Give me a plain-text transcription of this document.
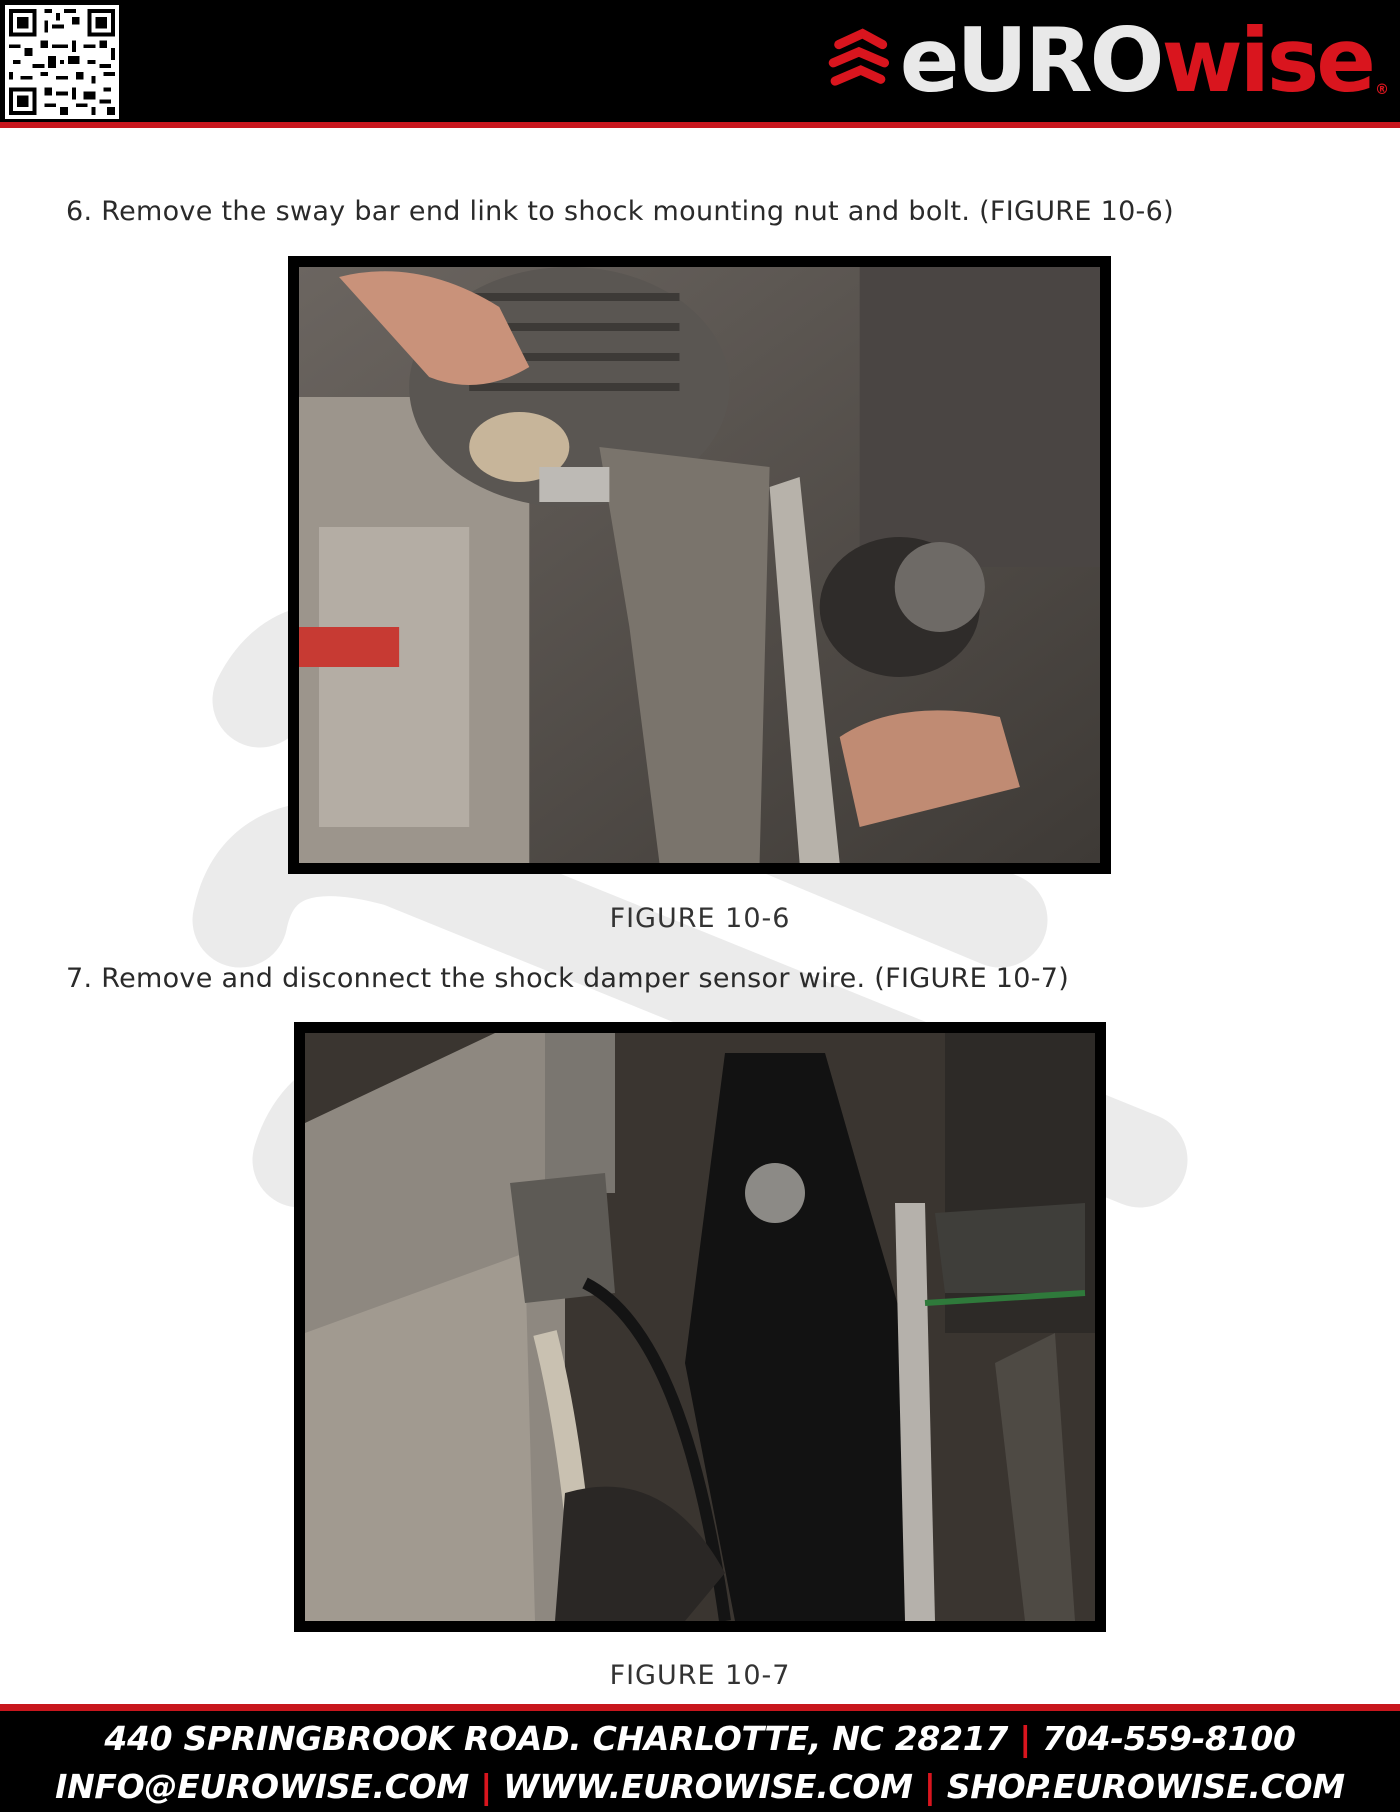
eURO wise ®
6. Remove the sway bar end link to shock mounting nut and bolt. (FIGURE 10-6)
FIGURE 10-6
7. Remove and disconnect the shock damper sensor wire. (FIGURE 10-7)
FIGURE 10-7
440 SPRINGBROOK ROAD. CHARLOTTE, NC 28217 | 704-559-8100
INFO@EUROWISE.COM | WWW.EUROWISE.COM | SHOP.EUROWISE.COM
